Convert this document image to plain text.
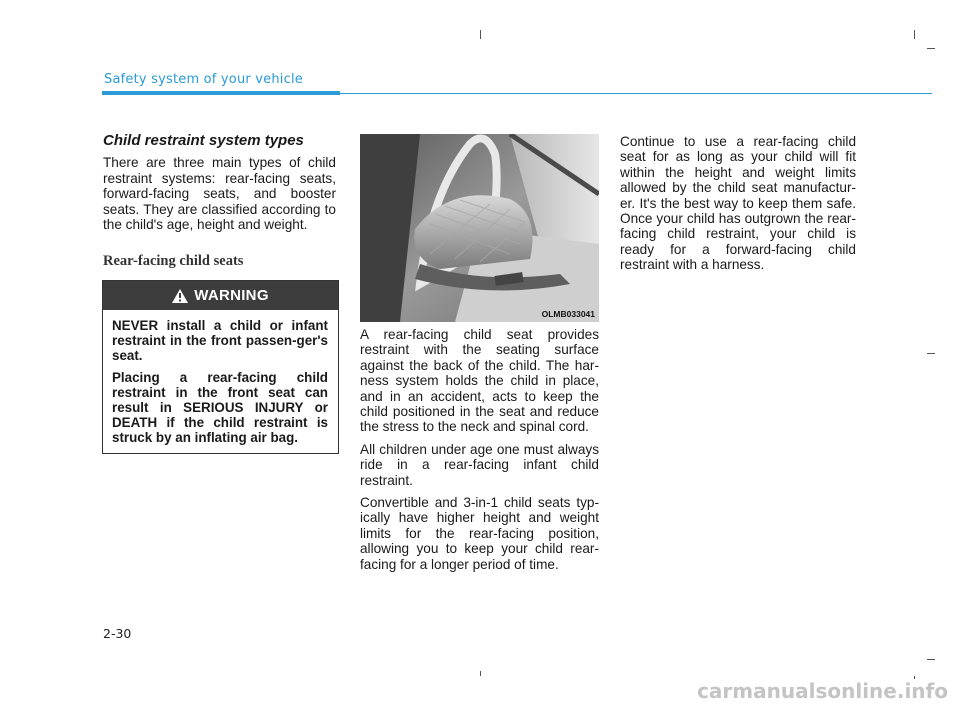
Safety system of your vehicle

Child restraint system types

There are three main types of child restraint systems: rear-facing seats, forward-facing seats, and booster seats. They are classified according to the child's age, height and weight.

Rear-facing child seats
WARNING

NEVER install a child or infant restraint in the front passen-ger's seat.

Placing a rear-facing child restraint in the front seat can result in SERIOUS INJURY or DEATH if the child restraint is struck by an inflating air bag.

OLMB033041

A rear-facing child seat provides restraint with the seating surface against the back of the child. The har-ness system holds the child in place, and in an accident, acts to keep the child positioned in the seat and reduce the stress to the neck and spinal cord.

All children under age one must always ride in a rear-facing infant child restraint.

Convertible and 3-in-1 child seats typ-ically have higher height and weight limits for the rear-facing position, allowing you to keep your child rear-facing for a longer period of time.

Continue to use a rear-facing child seat for as long as your child will fit within the height and weight limits allowed by the child seat manufactur-er. It's the best way to keep them safe. Once your child has outgrown the rear-facing child restraint, your child is ready for a forward-facing child restraint with a harness.

2-30
carmanualsonline.info
